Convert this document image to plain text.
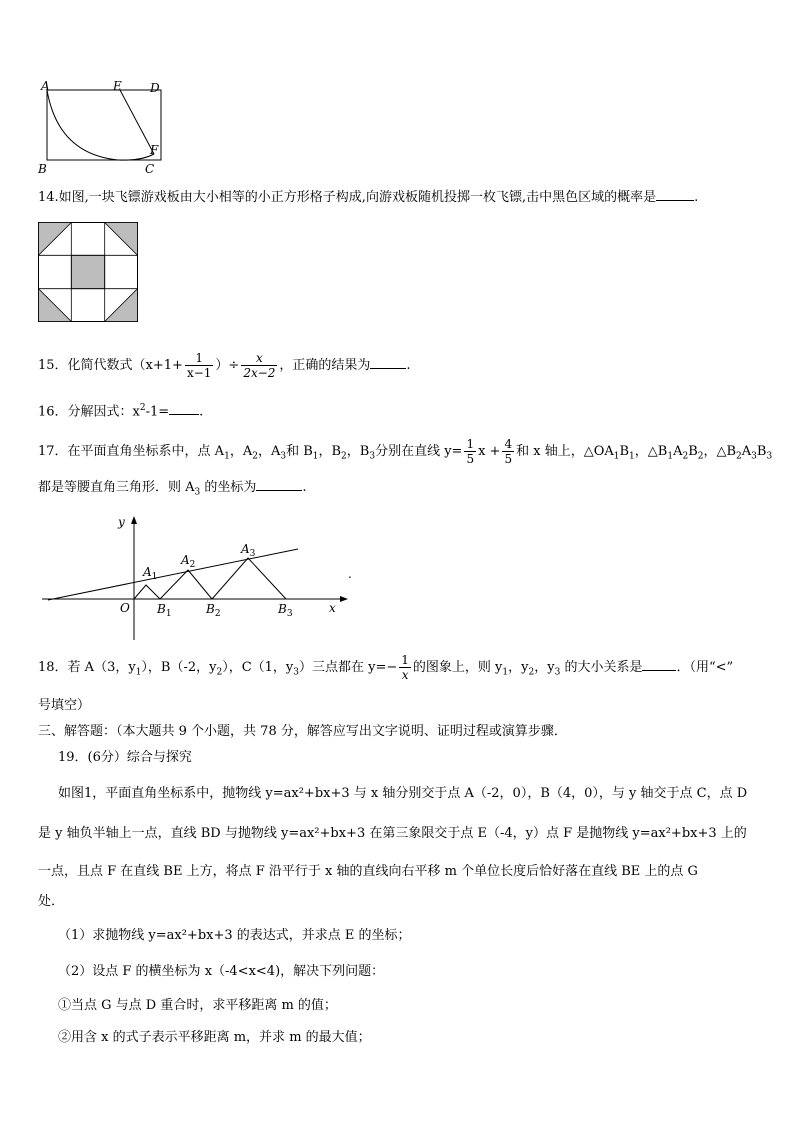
A	E D
B
F
C
14.如图,一块飞镖游戏板由大小相等的小正方形格子构成,向游戏板随机投掷一枚飞镖,击中黑色区域的概率是	.
15．化简代数式（$x+1+ \frac{1}{x-1}$ ）÷ $\frac{x}{2x-2}$ ，正确的结果为	.
16．分解因式：$x^2-1=$ .
17．在平面直角坐标系中，点 $A_1$，$A_2$，$A_3$和 $B_1$，$B_2$，$B_3$分别在直线 $y= \frac{1}{5}$ $x + \frac{4}{5}$ 和 x 轴上，$\triangle OA_1B_1$，$\triangle B_1A_2B_2$，$\triangle B_2A_3B_3$
都是等腰直角三角形．则 $A_3$ 的坐标为	.
y
x
O
$A_1$
$A_2$
$A_3$
$B_1$	$B_2$	$B_3$
.
18．若 A（3，$y_1$），B（-2，$y_2$），C（1，$y_3$）三点都在 $y=- \frac{1}{x}$ 的图象上，则 $y_1$，$y_2$，$y_3$ 的大小关系是	．（用“<”
号填空）
三、解答题：（本大题共 9 个小题，共 78 分，解答应写出文字说明、证明过程或演算步骤．
19．(6分）综合与探究
如图1，平面直角坐标系中，抛物线 y=ax²+bx+3 与 x 轴分别交于点 A（-2，0），B（4，0），与 y 轴交于点 C，点 D
是 y 轴负半轴上一点，直线 BD 与抛物线 y=ax²+bx+3 在第三象限交于点 E（-4，y）点 F 是抛物线 y=ax²+bx+3 上的
一点，且点 F 在直线 BE 上方，将点 F 沿平行于 x 轴的直线向右平移 m 个单位长度后恰好落在直线 BE 上的点 G
处．
（1）求抛物线 y=ax²+bx+3 的表达式，并求点 E 的坐标；
（2）设点 F 的横坐标为 x（-4<x<4)，解决下列问题：
①当点 G 与点 D 重合时，求平移距离 m 的值；
②用含 x 的式子表示平移距离 m，并求 m 的最大值；
